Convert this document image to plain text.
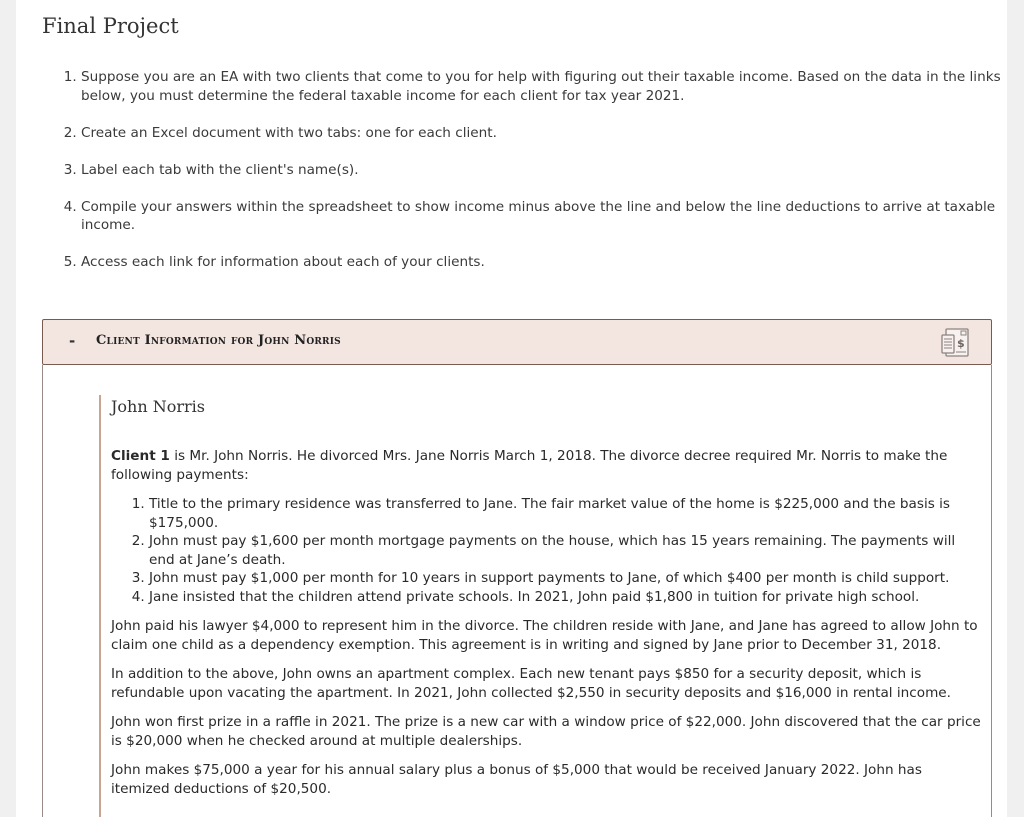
Final Project
1. Suppose you are an EA with two clients that come to you for help with figuring out their taxable income. Based on the data in the links below, you must determine the federal taxable income for each client for tax year 2021.
2. Create an Excel document with two tabs: one for each client.
3. Label each tab with the client's name(s).
4. Compile your answers within the spreadsheet to show income minus above the line and below the line deductions to arrive at taxable income.
5. Access each link for information about each of your clients.
- Client Information for John Norris	$
John Norris

Client 1 is Mr. John Norris. He divorced Mrs. Jane Norris March 1, 2018. The divorce decree required Mr. Norris to make the following payments:

1. Title to the primary residence was transferred to Jane. The fair market value of the home is $225,000 and the basis is $175,000.
2. John must pay $1,600 per month mortgage payments on the house, which has 15 years remaining. The payments will end at Jane’s death.
3. John must pay $1,000 per month for 10 years in support payments to Jane, of which $400 per month is child support.
4. Jane insisted that the children attend private schools. In 2021, John paid $1,800 in tuition for private high school.

John paid his lawyer $4,000 to represent him in the divorce. The children reside with Jane, and Jane has agreed to allow John to claim one child as a dependency exemption. This agreement is in writing and signed by Jane prior to December 31, 2018.

In addition to the above, John owns an apartment complex. Each new tenant pays $850 for a security deposit, which is refundable upon vacating the apartment. In 2021, John collected $2,550 in security deposits and $16,000 in rental income.

John won first prize in a raffle in 2021. The prize is a new car with a window price of $22,000. John discovered that the car price is $20,000 when he checked around at multiple dealerships.

John makes $75,000 a year for his annual salary plus a bonus of $5,000 that would be received January 2022. John has itemized deductions of $20,500.
